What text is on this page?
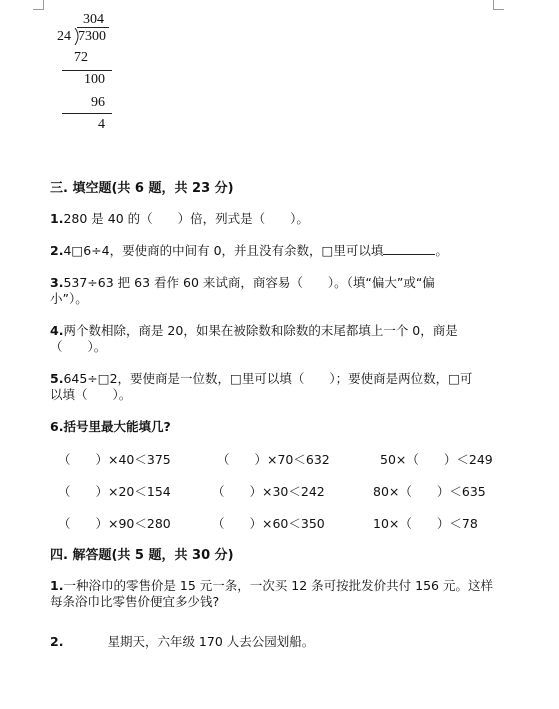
304
24 7300
72
100
96
4
三. 填空题(共 6 题，共 23 分)
1.280 是 40 的（　　）倍，列式是（　　）。
2.4□6÷4，要使商的中间有 0，并且没有余数，□里可以填	。
3.537÷63 把 63 看作 60 来试商，商容易（　　）。（填“偏大”或“偏
小”）。
4.两个数相除，商是 20，如果在被除数和除数的末尾都填上一个 0，商是
（　　）。
5.645÷□2，要使商是一位数，□里可以填（　　）；要使商是两位数，□可
以填（　　）。
6.括号里最大能填几?
（　　）×40＜375	（　　）×70＜632	50×（　　）＜249
（　　）×20＜154	（　　）×30＜242	80×（　　）＜635
（　　）×90＜280	（　　）×60＜350	10×（　　）＜78
四. 解答题(共 5 题，共 30 分)
1.一种浴巾的零售价是 15 元一条，一次买 12 条可按批发价共付 156 元。这样
每条浴巾比零售价便宜多少钱?
2.	星期天，六年级 170 人去公园划船。
